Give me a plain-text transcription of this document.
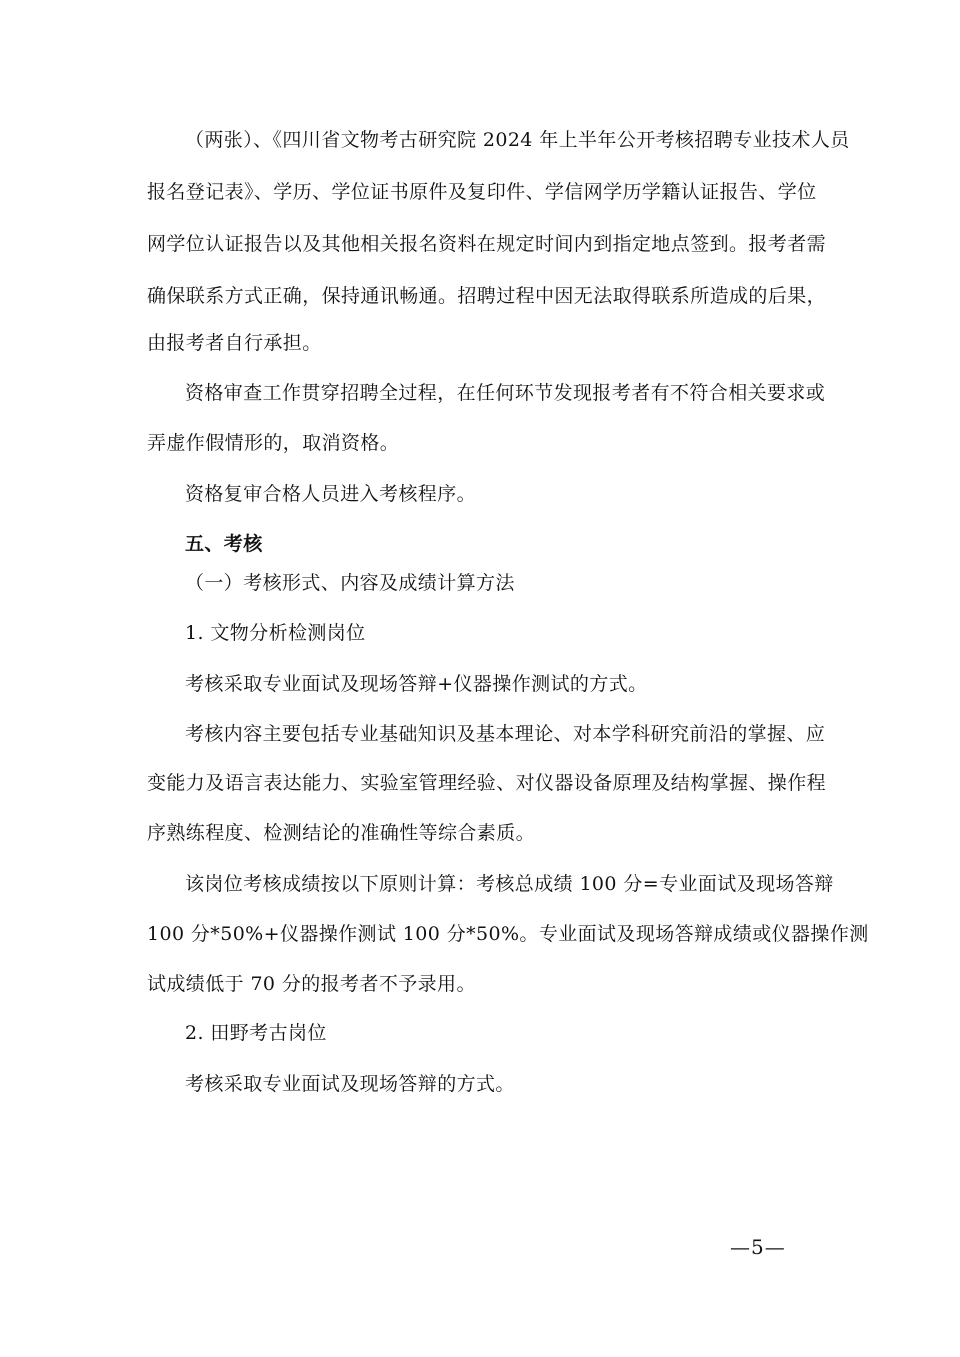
（两张）、《四川省文物考古研究院 2024 年上半年公开考核招聘专业技术人员
报名登记表》、学历、学位证书原件及复印件、学信网学历学籍认证报告、学位
网学位认证报告以及其他相关报名资料在规定时间内到指定地点签到。报考者需
确保联系方式正确，保持通讯畅通。招聘过程中因无法取得联系所造成的后果，
由报考者自行承担。
资格审查工作贯穿招聘全过程，在任何环节发现报考者有不符合相关要求或
弄虚作假情形的，取消资格。
资格复审合格人员进入考核程序。
五、考核
（一）考核形式、内容及成绩计算方法
1. 文物分析检测岗位
考核采取专业面试及现场答辩+仪器操作测试的方式。
考核内容主要包括专业基础知识及基本理论、对本学科研究前沿的掌握、应
变能力及语言表达能力、实验室管理经验、对仪器设备原理及结构掌握、操作程
序熟练程度、检测结论的准确性等综合素质。
该岗位考核成绩按以下原则计算：考核总成绩 100 分=专业面试及现场答辩
100 分*50%+仪器操作测试 100 分*50%。专业面试及现场答辩成绩或仪器操作测
试成绩低于 70 分的报考者不予录用。
2. 田野考古岗位
考核采取专业面试及现场答辩的方式。
—5—
